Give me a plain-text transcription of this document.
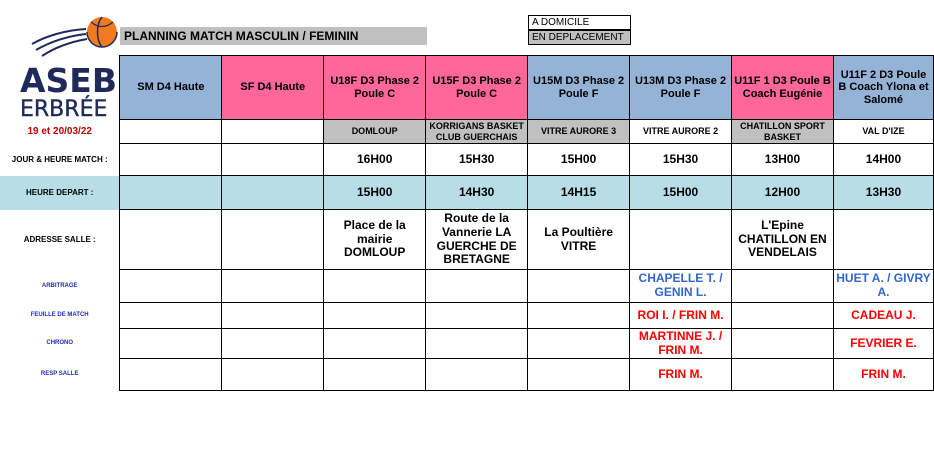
PLANNING MATCH MASCULIN / FEMININ
A DOMICILE
EN DEPLACEMENT
ASEB
ERBRÉE
	SM D4 Haute	SF D4 Haute	U18F D3 Phase 2 Poule C	U15F D3 Phase 2 Poule C	U15M D3 Phase 2 Poule F	U13M D3 Phase 2 Poule F	U11F 1 D3 Poule B Coach Eugénie	U11F 2 D3 Poule B Coach Ylona et Salomé
19 et 20/03/22			DOMLOUP	KORRIGANS BASKET CLUB GUERCHAIS	VITRE AURORE 3	VITRE AURORE 2	CHATILLON SPORT BASKET	VAL D'IZE
JOUR & HEURE MATCH :			16H00	15H30	15H00	15H30	13H00	14H00
HEURE DEPART :			15H00	14H30	14H15	15H00	12H00	13H30
ADRESSE SALLE :			Place de la mairie DOMLOUP	Route de la Vannerie LA GUERCHE DE BRETAGNE	La Poultière VITRE		L'Epine CHATILLON EN VENDELAIS	
ARBITRAGE						CHAPELLE T. / GENIN L.		HUET A. / GIVRY A.
FEUILLE DE MATCH						ROI I. / FRIN M.		CADEAU J.
CHRONO						MARTINNE J. / FRIN M.		FEVRIER E.
RESP SALLE						FRIN M.		FRIN M.
